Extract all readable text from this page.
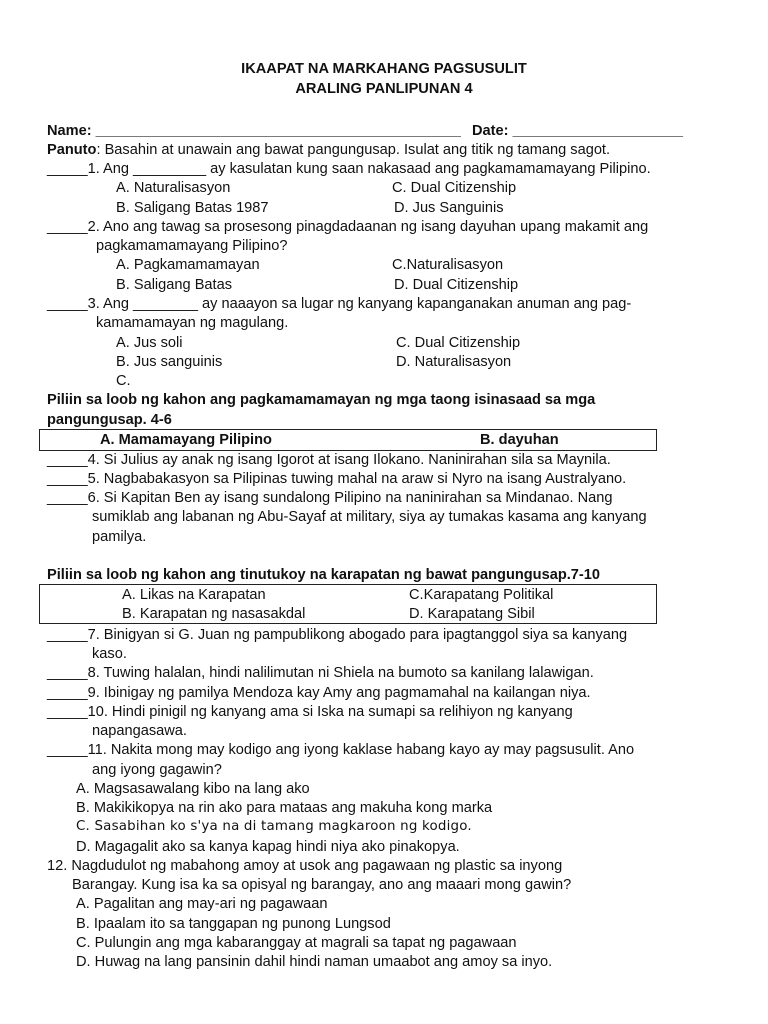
IKAAPAT NA MARKAHANG PAGSUSULIT
ARALING PANLIPUNAN 4
Name: _____________________________________________ Date: _____________________
Panuto: Basahin at unawain ang bawat pangungusap. Isulat ang titik ng tamang sagot.
_____1. Ang _________ ay kasulatan kung saan nakasaad ang pagkamamamayang Pilipino.
A. Naturalisasyon	C. Dual Citizenship
B. Saligang Batas 1987	D. Jus Sanguinis
_____2. Ano ang tawag sa prosesong pinagdadaanan ng isang dayuhan upang makamit ang
pagkamamamayang Pilipino?
A. Pagkamamamayan	C.Naturalisasyon
B. Saligang Batas	D. Dual Citizenship
_____3. Ang ________ ay naaayon sa lugar ng kanyang kapanganakan anuman ang pag-
kamamamayan ng magulang.
A. Jus soli	C. Dual Citizenship
B. Jus sanguinis	D. Naturalisasyon
C.
Piliin sa loob ng kahon ang pagkamamamayan ng mga taong isinasaad sa mga
pangungusap. 4-6
A. Mamamayang Pilipino	B. dayuhan
_____4. Si Julius ay anak ng isang Igorot at isang Ilokano. Naninirahan sila sa Maynila.
_____5. Nagbabakasyon sa Pilipinas tuwing mahal na araw si Nyro na isang Australyano.
_____6. Si Kapitan Ben ay isang sundalong Pilipino na naninirahan sa Mindanao. Nang
sumiklab ang labanan ng Abu-Sayaf at military, siya ay tumakas kasama ang kanyang
pamilya.
Piliin sa loob ng kahon ang tinutukoy na karapatan ng bawat pangungusap.7-10
A. Likas na Karapatan	C.Karapatang Politikal
B. Karapatan ng nasasakdal	D. Karapatang Sibil
_____7. Binigyan si G. Juan ng pampublikong abogado para ipagtanggol siya sa kanyang
kaso.
_____8. Tuwing halalan, hindi nalilimutan ni Shiela na bumoto sa kanilang lalawigan.
_____9. Ibinigay ng pamilya Mendoza kay Amy ang pagmamahal na kailangan niya.
_____10. Hindi pinigil ng kanyang ama si Iska na sumapi sa relihiyon ng kanyang
napangasawa.
_____11. Nakita mong may kodigo ang iyong kaklase habang kayo ay may pagsusulit. Ano
ang iyong gagawin?
A. Magsasawalang kibo na lang ako
B. Makikikopya na rin ako para mataas ang makuha kong marka
C. Sasabihan ko s'ya na di tamang magkaroon ng kodigo.
D. Magagalit ako sa kanya kapag hindi niya ako pinakopya.
12. Nagdudulot ng mabahong amoy at usok ang pagawaan ng plastic sa inyong
Barangay. Kung isa ka sa opisyal ng barangay, ano ang maaari mong gawin?
A. Pagalitan ang may-ari ng pagawaan
B. Ipaalam ito sa tanggapan ng punong Lungsod
C. Pulungin ang mga kabaranggay at magrali sa tapat ng pagawaan
D. Huwag na lang pansinin dahil hindi naman umaabot ang amoy sa inyo.
